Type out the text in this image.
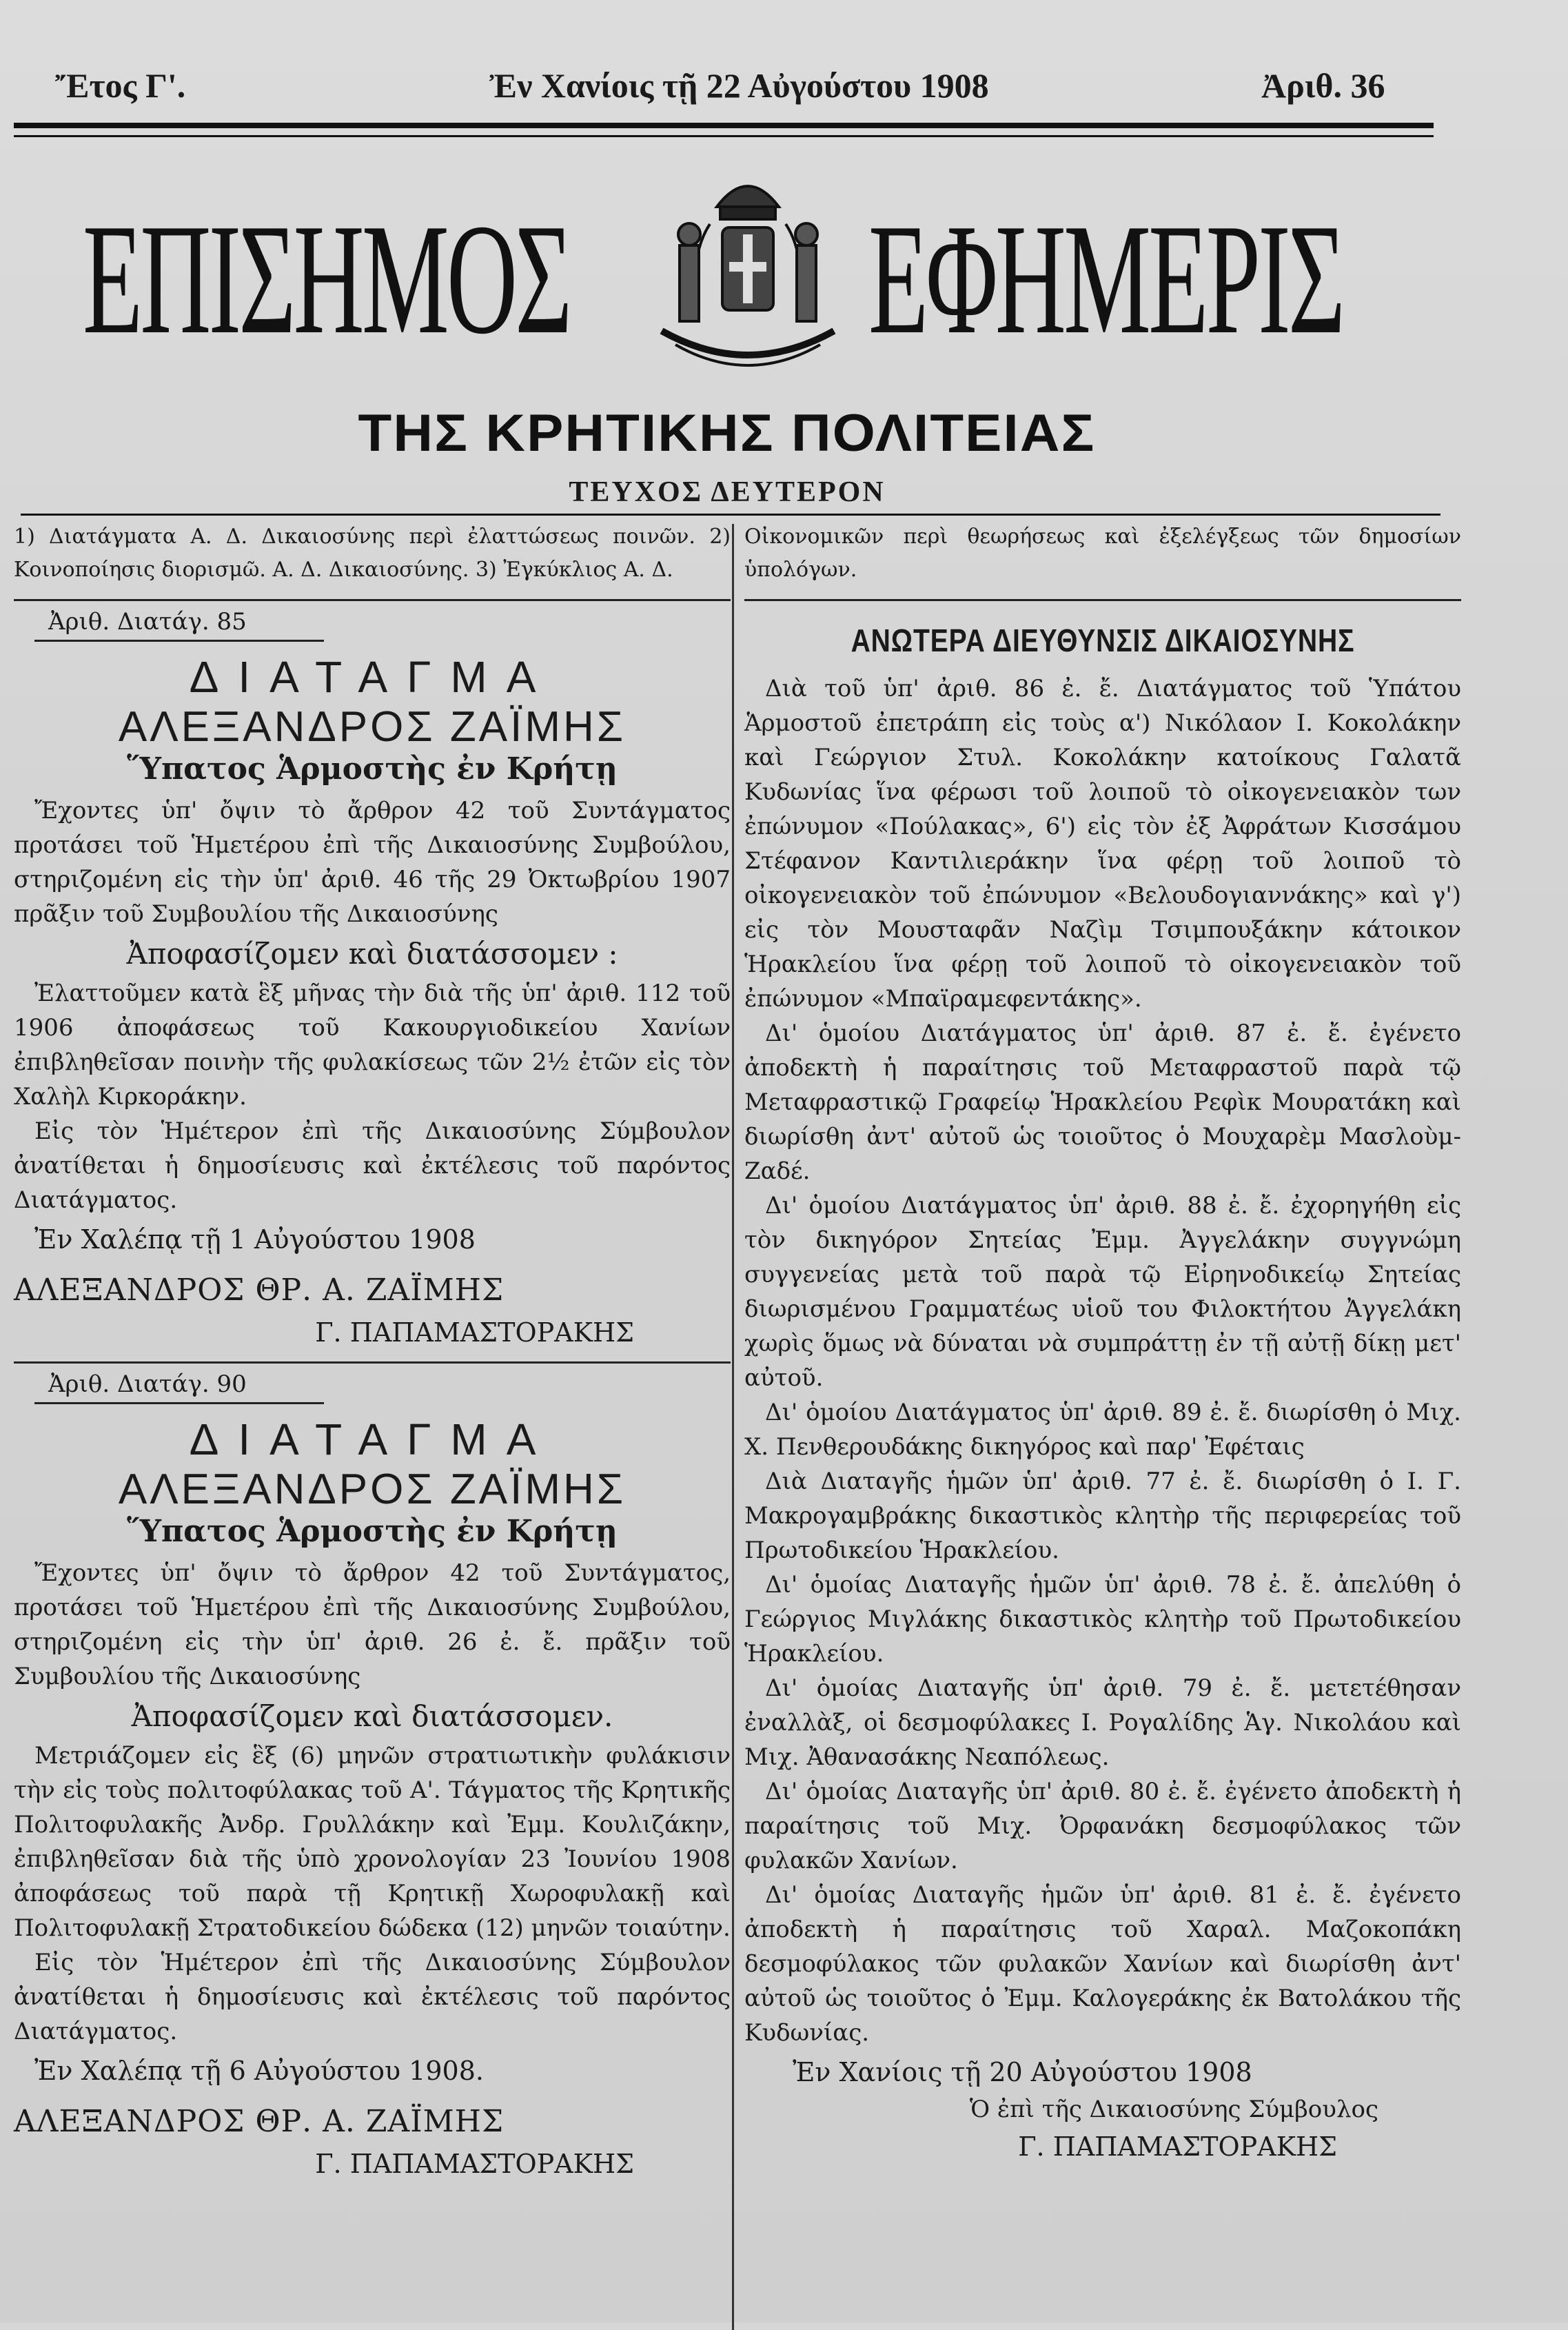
Ἔτος Γ'.	Ἐν Χανίοις τῇ 22 Αὐγούστου 1908	Ἀριθ. 36
ΕΠΙΣΗΜΟΣ ΕΦΗΜΕΡΙΣ
ΤΗΣ ΚΡΗΤΙΚΗΣ ΠΟΛΙΤΕΙΑΣ
ΤΕΥΧΟΣ ΔΕΥΤΕΡΟΝ

1) Διατάγματα Α. Δ. Δικαιοσύνης περὶ ἐλαττώσεως ποινῶν. 2) Κοινοποίησις διορισμῶ. Α. Δ. Δικαιοσύνης. 3) Ἐγκύκλιος Α. Δ.

Ἀριθ. Διατάγ. 85

ΔΙΑΤΑΓΜΑ

ΑΛΕΞΑΝΔΡΟΣ ΖΑΪΜΗΣ

Ὕπατος Ἁρμοστὴς ἐν Κρήτῃ

Ἔχοντες ὑπ' ὄψιν τὸ ἄρθρον 42 τοῦ Συντάγματος προτάσει τοῦ Ἡμετέρου ἐπὶ τῆς Δικαιοσύνης Συμβούλου, στηριζομένη εἰς τὴν ὑπ' ἀριθ. 46 τῆς 29 Ὀκτωβρίου 1907 πρᾶξιν τοῦ Συμβουλίου τῆς Δικαιοσύνης

Ἀποφασίζομεν καὶ διατάσσομεν :

Ἐλαττοῦμεν κατὰ ἓξ μῆνας τὴν διὰ τῆς ὑπ' ἀριθ. 112 τοῦ 1906 ἀποφάσεως τοῦ Κακουργιοδικείου Χανίων ἐπιβληθεῖσαν ποινὴν τῆς φυλακίσεως τῶν 2½ ἐτῶν εἰς τὸν Χαλὴλ Κιρκοράκην.

Εἰς τὸν Ἡμέτερον ἐπὶ τῆς Δικαιοσύνης Σύμβουλον ἀνατίθεται ἡ δημοσίευσις καὶ ἐκτέλεσις τοῦ παρόντος Διατάγματος.

Ἐν Χαλέπᾳ τῇ 1 Αὐγούστου 1908

ΑΛΕΞΑΝΔΡΟΣ ΘΡ. Α. ΖΑΪΜΗΣ

Γ. ΠΑΠΑΜΑΣΤΟΡΑΚΗΣ

Ἀριθ. Διατάγ. 90

ΔΙΑΤΑΓΜΑ

ΑΛΕΞΑΝΔΡΟΣ ΖΑΪΜΗΣ

Ὕπατος Ἁρμοστὴς ἐν Κρήτῃ

Ἔχοντες ὑπ' ὄψιν τὸ ἄρθρον 42 τοῦ Συντάγματος, προτάσει τοῦ Ἡμετέρου ἐπὶ τῆς Δικαιοσύνης Συμβούλου, στηριζομένη εἰς τὴν ὑπ' ἀριθ. 26 ἐ. ἔ. πρᾶξιν τοῦ Συμβουλίου τῆς Δικαιοσύνης

Ἀποφασίζομεν καὶ διατάσσομεν.

Μετριάζομεν εἰς ἓξ (6) μηνῶν στρατιωτικὴν φυλάκισιν τὴν εἰς τοὺς πολιτοφύλακας τοῦ Α'. Τάγματος τῆς Κρητικῆς Πολιτοφυλακῆς Ἀνδρ. Γρυλλάκην καὶ Ἐμμ. Κουλιζάκην, ἐπιβληθεῖσαν διὰ τῆς ὑπὸ χρονολογίαν 23 Ἰουνίου 1908 ἀποφάσεως τοῦ παρὰ τῇ Κρητικῇ Χωροφυλακῇ καὶ Πολιτοφυλακῇ Στρατοδικείου δώδεκα (12) μηνῶν τοιαύτην.

Εἰς τὸν Ἡμέτερον ἐπὶ τῆς Δικαιοσύνης Σύμβουλον ἀνατίθεται ἡ δημοσίευσις καὶ ἐκτέλεσις τοῦ παρόντος Διατάγματος.

Ἐν Χαλέπᾳ τῇ 6 Αὐγούστου 1908.

ΑΛΕΞΑΝΔΡΟΣ ΘΡ. Α. ΖΑΪΜΗΣ

Γ. ΠΑΠΑΜΑΣΤΟΡΑΚΗΣ

Οἰκονομικῶν περὶ θεωρήσεως καὶ ἐξελέγξεως τῶν δημοσίων ὑπολόγων.

ΑΝΩΤΕΡΑ ΔΙΕΥΘΥΝΣΙΣ ΔΙΚΑΙΟΣΥΝΗΣ

Διὰ τοῦ ὑπ' ἀριθ. 86 ἐ. ἔ. Διατάγματος τοῦ Ὑπάτου Ἁρμοστοῦ ἐπετράπη εἰς τοὺς α') Νικόλαον Ι. Κοκολάκην καὶ Γεώργιον Στυλ. Κοκολάκην κατοίκους Γαλατᾶ Κυδωνίας ἵνα φέρωσι τοῦ λοιποῦ τὸ οἰκογενειακὸν των ἐπώνυμον «Πούλακας», 6') εἰς τὸν ἐξ Ἀφράτων Κισσάμου Στέφανον Καντιλιεράκην ἵνα φέρῃ τοῦ λοιποῦ τὸ οἰκογενειακὸν τοῦ ἐπώνυμον «Βελουδογιαννάκης» καὶ γ') εἰς τὸν Μουσταφᾶν Ναζὶμ Τσιμπουξάκην κάτοικον Ἡρακλείου ἵνα φέρῃ τοῦ λοιποῦ τὸ οἰκογενειακὸν τοῦ ἐπώνυμον «Μπαϊραμεφεντάκης».

Δι' ὁμοίου Διατάγματος ὑπ' ἀριθ. 87 ἐ. ἔ. ἐγένετο ἀποδεκτὴ ἡ παραίτησις τοῦ Μεταφραστοῦ παρὰ τῷ Μεταφραστικῷ Γραφείῳ Ἡρακλείου Ρεφὶκ Μουρατάκη καὶ διωρίσθη ἀντ' αὐτοῦ ὡς τοιοῦτος ὁ Μουχαρὲμ Μασλοὺμ-Ζαδέ.

Δι' ὁμοίου Διατάγματος ὑπ' ἀριθ. 88 ἐ. ἔ. ἐχορηγήθη εἰς τὸν δικηγόρον Σητείας Ἐμμ. Ἀγγελάκην συγγνώμη συγγενείας μετὰ τοῦ παρὰ τῷ Εἰρηνοδικείῳ Σητείας διωρισμένου Γραμματέως υἱοῦ του Φιλοκτήτου Ἀγγελάκη χωρὶς ὅμως νὰ δύναται νὰ συμπράττῃ ἐν τῇ αὐτῇ δίκῃ μετ' αὐτοῦ.

Δι' ὁμοίου Διατάγματος ὑπ' ἀριθ. 89 ἐ. ἔ. διωρίσθη ὁ Μιχ. Χ. Πενθερουδάκης δικηγόρος καὶ παρ' Ἐφέταις

Διὰ Διαταγῆς ἡμῶν ὑπ' ἀριθ. 77 ἐ. ἔ. διωρίσθη ὁ Ι. Γ. Μακρογαμβράκης δικαστικὸς κλητὴρ τῆς περιφερείας τοῦ Πρωτοδικείου Ἡρακλείου.

Δι' ὁμοίας Διαταγῆς ἡμῶν ὑπ' ἀριθ. 78 ἐ. ἔ. ἀπελύθη ὁ Γεώργιος Μιγλάκης δικαστικὸς κλητὴρ τοῦ Πρωτοδικείου Ἡρακλείου.

Δι' ὁμοίας Διαταγῆς ὑπ' ἀριθ. 79 ἐ. ἔ. μετετέθησαν ἐναλλὰξ, οἱ δεσμοφύλακες Ι. Ρογαλίδης Ἁγ. Νικολάου καὶ Μιχ. Ἀθανασάκης Νεαπόλεως.

Δι' ὁμοίας Διαταγῆς ὑπ' ἀριθ. 80 ἐ. ἔ. ἐγένετο ἀποδεκτὴ ἡ παραίτησις τοῦ Μιχ. Ὀρφανάκη δεσμοφύλακος τῶν φυλακῶν Χανίων.

Δι' ὁμοίας Διαταγῆς ἡμῶν ὑπ' ἀριθ. 81 ἐ. ἔ. ἐγένετο ἀποδεκτὴ ἡ παραίτησις τοῦ Χαραλ. Μαζοκοπάκη δεσμοφύλακος τῶν φυλακῶν Χανίων καὶ διωρίσθη ἀντ' αὐτοῦ ὡς τοιοῦτος ὁ Ἐμμ. Καλογεράκης ἐκ Βατολάκου τῆς Κυδωνίας.

Ἐν Χανίοις τῇ 20 Αὐγούστου 1908

Ὁ ἐπὶ τῆς Δικαιοσύνης Σύμβουλος

Γ. ΠΑΠΑΜΑΣΤΟΡΑΚΗΣ
